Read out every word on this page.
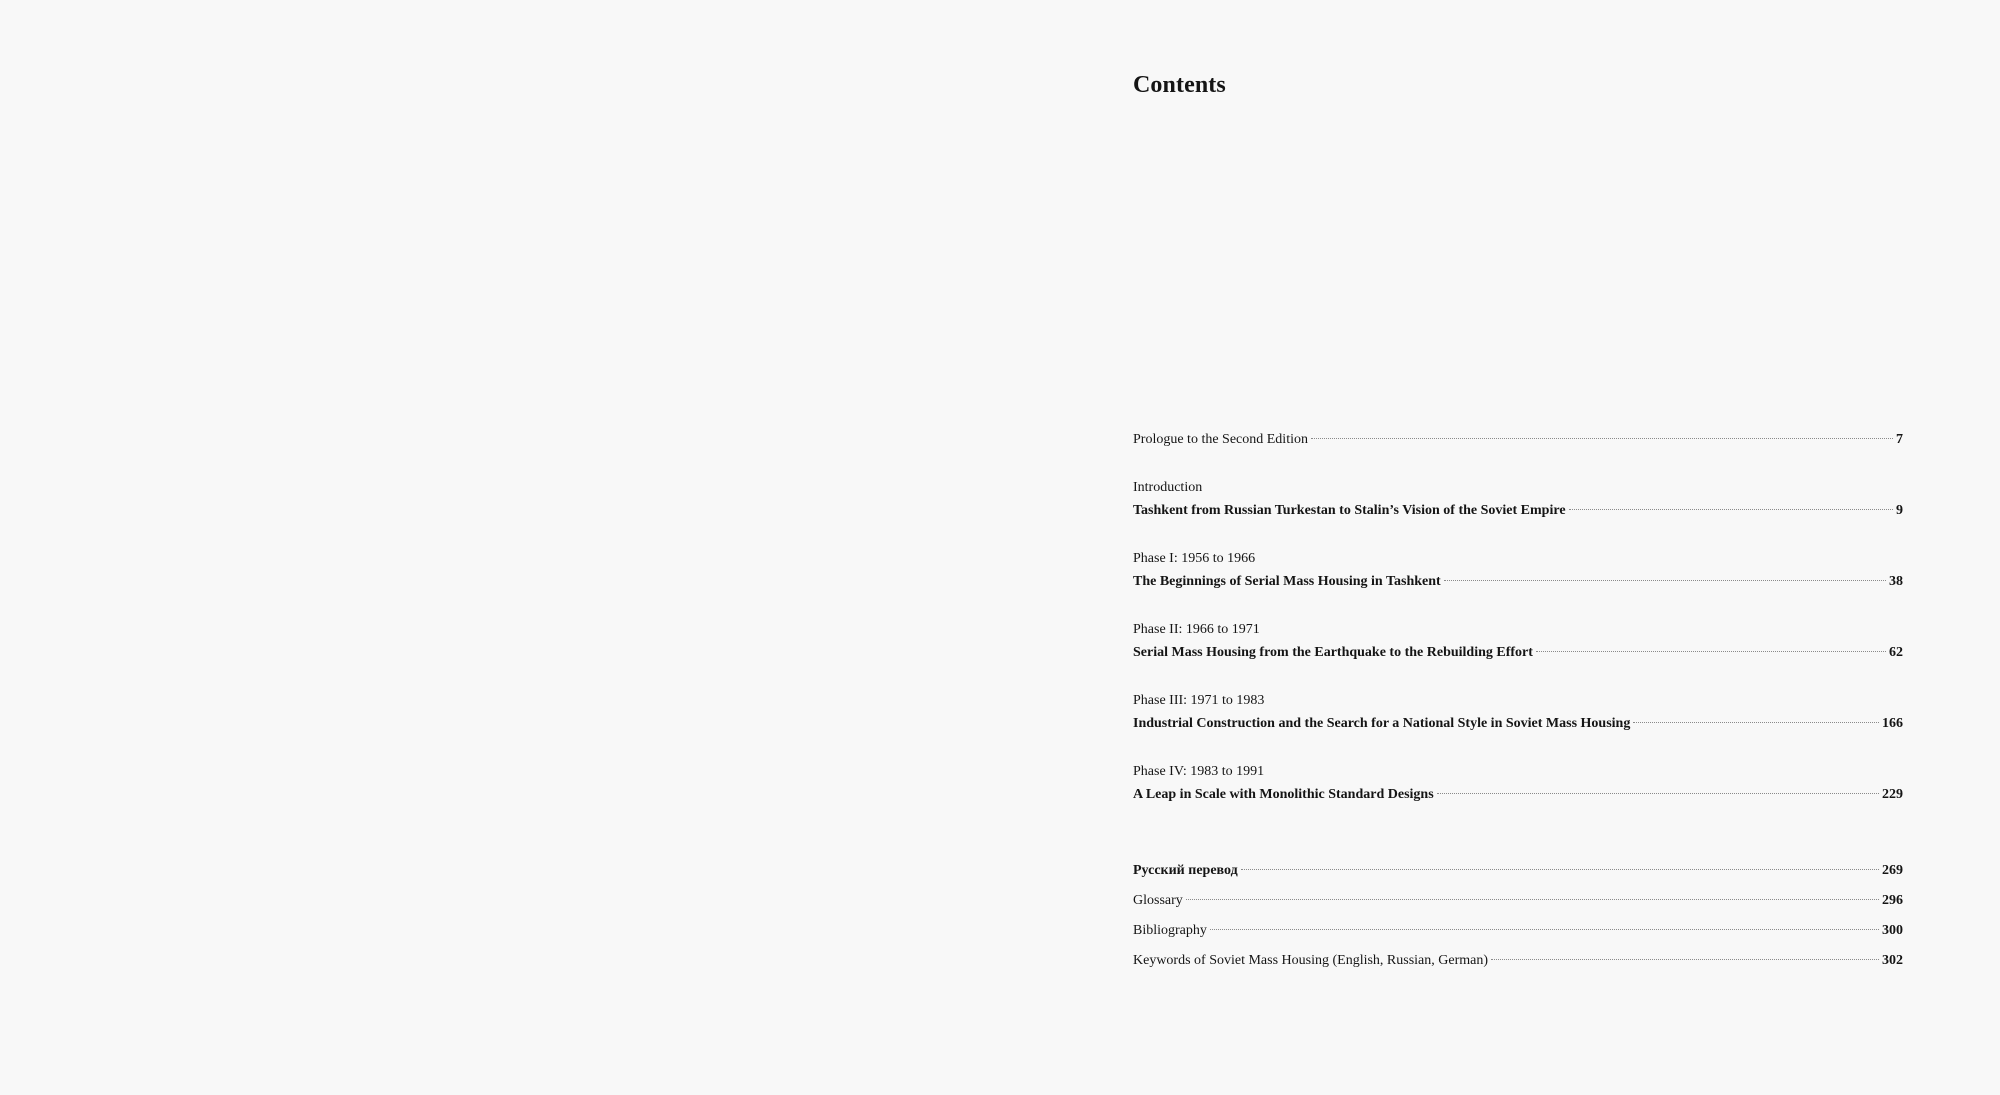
Contents
Prologue to the Second Edition	7
Introduction
Tashkent from Russian Turkestan to Stalin’s Vision of the Soviet Empire	9
Phase I: 1956 to 1966
The Beginnings of Serial Mass Housing in Tashkent	38
Phase II: 1966 to 1971
Serial Mass Housing from the Earthquake to the Rebuilding Effort	62
Phase III: 1971 to 1983
Industrial Construction and the Search for a National Style in Soviet Mass Housing	166
Phase IV: 1983 to 1991
A Leap in Scale with Monolithic Standard Designs	229
Русский перевод	269
Glossary	296
Bibliography	300
Keywords of Soviet Mass Housing (English, Russian, German)	302
